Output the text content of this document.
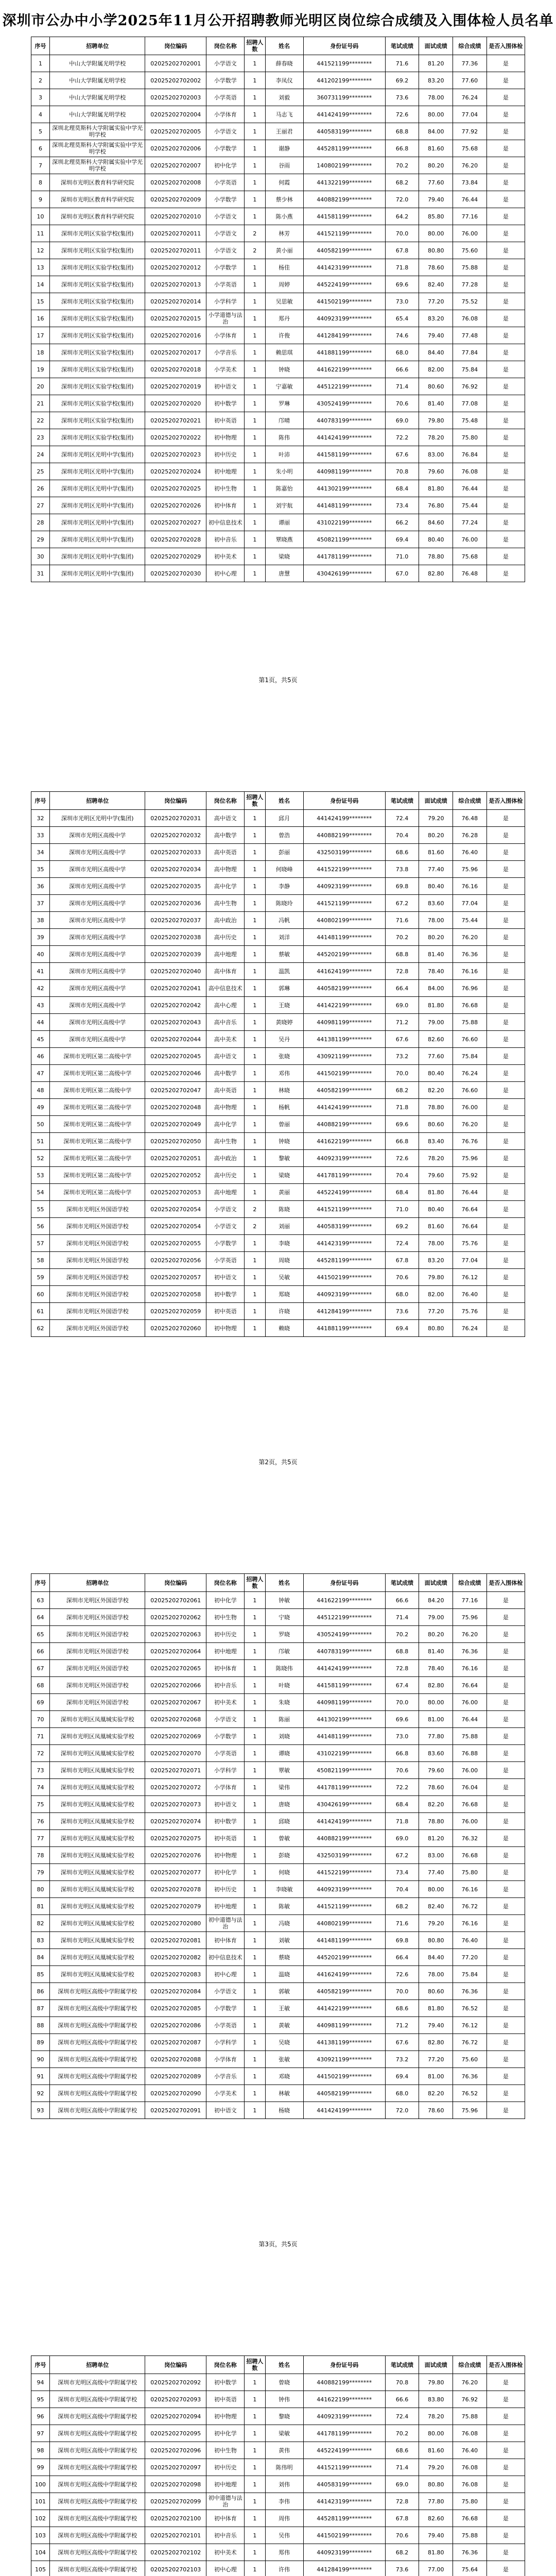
深圳市公办中小学2025年11月公开招聘教师光明区岗位综合成绩及入围体检人员名单
序号	招聘单位	岗位编码	岗位名称	招聘人数	姓名	身份证号码	笔试成绩	面试成绩	综合成绩	是否入围体检
1	中山大学附属光明学校	02025202702001	小学语文	1	薛春晓	441521199********	71.6	81.20	77.36	是
2	中山大学附属光明学校	02025202702002	小学数学	1	李凤仪	441202199********	69.2	83.20	77.60	是
3	中山大学附属光明学校	02025202702003	小学英语	1	刘毅	360731199********	73.6	78.00	76.24	是
4	中山大学附属光明学校	02025202702004	小学体育	1	马志飞	441424199********	72.6	80.00	77.04	是
5	深圳北理莫斯科大学附属实验中学光明学校	02025202702005	小学语文	1	王丽君	440583199********	68.8	84.00	77.92	是
6	深圳北理莫斯科大学附属实验中学光明学校	02025202702006	小学数学	1	谢静	445281199********	66.8	81.60	75.68	是
7	深圳北理莫斯科大学附属实验中学光明学校	02025202702007	初中化学	1	谷雨	140802199********	70.2	80.20	76.20	是
8	深圳市光明区教育科学研究院	02025202702008	小学英语	1	何霞	441322199********	68.2	77.60	73.84	是
9	深圳市光明区教育科学研究院	02025202702009	小学数学	1	蔡少林	440882199********	72.0	79.40	76.44	是
10	深圳市光明区教育科学研究院	02025202702010	小学语文	1	陈小燕	441581199********	64.2	85.80	77.16	是
11	深圳市光明区实验学校(集团)	02025202702011	小学语文	2	林芳	441521199********	70.0	80.00	76.00	是
12	深圳市光明区实验学校(集团)	02025202702011	小学语文	2	黄小丽	440582199********	67.8	80.80	75.60	是
13	深圳市光明区实验学校(集团)	02025202702012	小学数学	1	杨佳	441423199********	71.8	78.60	75.88	是
14	深圳市光明区实验学校(集团)	02025202702013	小学英语	1	周婷	445224199********	69.6	82.40	77.28	是
15	深圳市光明区实验学校(集团)	02025202702014	小学科学	1	吴思敏	441502199********	73.0	77.20	75.52	是
16	深圳市光明区实验学校(集团)	02025202702015	小学道德与法治	1	郑丹	440923199********	65.4	83.20	76.08	是
17	深圳市光明区实验学校(集团)	02025202702016	小学体育	1	许俊	441284199********	74.6	79.40	77.48	是
18	深圳市光明区实验学校(集团)	02025202702017	小学音乐	1	赖思琪	441881199********	68.0	84.40	77.84	是
19	深圳市光明区实验学校(集团)	02025202702018	小学美术	1	钟晓	441622199********	66.6	82.00	75.84	是
20	深圳市光明区实验学校(集团)	02025202702019	初中语文	1	宁嘉敏	445122199********	71.4	80.60	76.92	是
21	深圳市光明区实验学校(集团)	02025202702020	初中数学	1	罗琳	430524199********	70.6	81.40	77.08	是
22	深圳市光明区实验学校(集团)	02025202702021	初中英语	1	邝晴	440783199********	69.0	79.80	75.48	是
23	深圳市光明区实验学校(集团)	02025202702022	初中物理	1	陈伟	441424199********	72.2	78.20	75.80	是
24	深圳市光明区光明中学(集团)	02025202702023	初中历史	1	叶沛	441581199********	67.6	83.00	76.84	是
25	深圳市光明区光明中学(集团)	02025202702024	初中地理	1	朱小明	440981199********	70.8	79.60	76.08	是
26	深圳市光明区光明中学(集团)	02025202702025	初中生物	1	陈嘉怡	441302199********	68.4	81.80	76.44	是
27	深圳市光明区光明中学(集团)	02025202702026	初中体育	1	刘宇航	441481199********	73.4	76.80	75.44	是
28	深圳市光明区光明中学(集团)	02025202702027	初中信息技术	1	谭丽	431022199********	66.2	84.60	77.24	是
29	深圳市光明区光明中学(集团)	02025202702028	初中音乐	1	覃晓燕	450821199********	69.4	80.40	76.00	是
30	深圳市光明区光明中学(集团)	02025202702029	初中美术	1	梁晓	441781199********	71.0	78.80	75.68	是
31	深圳市光明区光明中学(集团)	02025202702030	初中心理	1	唐慧	430426199********	67.0	82.80	76.48	是
第1页，共5页
序号	招聘单位	岗位编码	岗位名称	招聘人数	姓名	身份证号码	笔试成绩	面试成绩	综合成绩	是否入围体检
32	深圳市光明区光明中学(集团)	02025202702031	高中语文	1	邱月	441424199********	72.4	79.20	76.48	是
33	深圳市光明区高级中学	02025202702032	高中数学	1	曾浩	440882199********	70.4	80.20	76.28	是
34	深圳市光明区高级中学	02025202702033	高中英语	1	彭丽	432503199********	68.6	81.60	76.40	是
35	深圳市光明区高级中学	02025202702034	高中物理	1	何晓峰	441522199********	73.8	77.40	75.96	是
36	深圳市光明区高级中学	02025202702035	高中化学	1	李静	440923199********	69.8	80.40	76.16	是
37	深圳市光明区高级中学	02025202702036	高中生物	1	陈晓玲	441521199********	67.2	83.60	77.04	是
38	深圳市光明区高级中学	02025202702037	高中政治	1	冯帆	440802199********	71.6	78.00	75.44	是
39	深圳市光明区高级中学	02025202702038	高中历史	1	刘洋	441481199********	70.2	80.20	76.20	是
40	深圳市光明区高级中学	02025202702039	高中地理	1	蔡敏	445202199********	68.8	81.40	76.36	是
41	深圳市光明区高级中学	02025202702040	高中体育	1	温凯	441624199********	72.8	78.40	76.16	是
42	深圳市光明区高级中学	02025202702041	高中信息技术	1	郭琳	440582199********	66.4	84.00	76.96	是
43	深圳市光明区高级中学	02025202702042	高中心理	1	王晓	441422199********	69.0	81.80	76.68	是
44	深圳市光明区高级中学	02025202702043	高中音乐	1	黄晓婷	440981199********	71.2	79.00	75.88	是
45	深圳市光明区高级中学	02025202702044	高中美术	1	吴丹	441381199********	67.6	82.60	76.60	是
46	深圳市光明区第二高级中学	02025202702045	高中语文	1	张晓	430921199********	73.2	77.60	75.84	是
47	深圳市光明区第二高级中学	02025202702046	高中数学	1	邓伟	441502199********	70.0	80.40	76.24	是
48	深圳市光明区第二高级中学	02025202702047	高中英语	1	林晓	440582199********	68.2	82.20	76.60	是
49	深圳市光明区第二高级中学	02025202702048	高中物理	1	杨帆	441424199********	71.8	78.80	76.00	是
50	深圳市光明区第二高级中学	02025202702049	高中化学	1	曾丽	440882199********	69.6	80.60	76.20	是
51	深圳市光明区第二高级中学	02025202702050	高中生物	1	钟晓	441622199********	66.8	83.40	76.76	是
52	深圳市光明区第二高级中学	02025202702051	高中政治	1	黎敏	440923199********	72.6	78.20	75.96	是
53	深圳市光明区第二高级中学	02025202702052	高中历史	1	梁晓	441781199********	70.4	79.60	75.92	是
54	深圳市光明区第二高级中学	02025202702053	高中地理	1	黄丽	445224199********	68.4	81.80	76.44	是
55	深圳市光明区外国语学校	02025202702054	小学语文	2	陈晓	441521199********	71.0	80.40	76.64	是
56	深圳市光明区外国语学校	02025202702054	小学语文	2	刘丽	440583199********	69.2	81.60	76.64	是
57	深圳市光明区外国语学校	02025202702055	小学数学	1	李晓	441423199********	72.4	78.00	75.76	是
58	深圳市光明区外国语学校	02025202702056	小学英语	1	周晓	445281199********	67.8	83.20	77.04	是
59	深圳市光明区外国语学校	02025202702057	初中语文	1	吴敏	441502199********	70.6	79.80	76.12	是
60	深圳市光明区外国语学校	02025202702058	初中数学	1	郑晓	440923199********	68.0	82.00	76.40	是
61	深圳市光明区外国语学校	02025202702059	初中英语	1	许晓	441284199********	73.6	77.20	75.76	是
62	深圳市光明区外国语学校	02025202702060	初中物理	1	赖晓	441881199********	69.4	80.80	76.24	是
第2页，共5页
序号	招聘单位	岗位编码	岗位名称	招聘人数	姓名	身份证号码	笔试成绩	面试成绩	综合成绩	是否入围体检
63	深圳市光明区外国语学校	02025202702061	初中化学	1	钟敏	441622199********	66.6	84.20	77.16	是
64	深圳市光明区外国语学校	02025202702062	初中生物	1	宁晓	445122199********	71.4	79.00	75.96	是
65	深圳市光明区外国语学校	02025202702063	初中历史	1	罗晓	430524199********	70.2	80.20	76.20	是
66	深圳市光明区外国语学校	02025202702064	初中地理	1	邝敏	440783199********	68.8	81.40	76.36	是
67	深圳市光明区外国语学校	02025202702065	初中体育	1	陈晓伟	441424199********	72.8	78.40	76.16	是
68	深圳市光明区外国语学校	02025202702066	初中音乐	1	叶晓	441581199********	67.4	82.80	76.64	是
69	深圳市光明区外国语学校	02025202702067	初中美术	1	朱晓	440981199********	70.0	80.00	76.00	是
70	深圳市光明区凤凰城实验学校	02025202702068	小学语文	1	陈丽	441302199********	69.6	81.00	76.44	是
71	深圳市光明区凤凰城实验学校	02025202702069	小学数学	1	刘晓	441481199********	73.0	77.80	75.88	是
72	深圳市光明区凤凰城实验学校	02025202702070	小学英语	1	谭晓	431022199********	66.8	83.60	76.88	是
73	深圳市光明区凤凰城实验学校	02025202702071	小学科学	1	覃敏	450821199********	70.6	79.60	76.00	是
74	深圳市光明区凤凰城实验学校	02025202702072	小学体育	1	梁伟	441781199********	72.2	78.60	76.04	是
75	深圳市光明区凤凰城实验学校	02025202702073	初中语文	1	唐晓	430426199********	68.4	82.20	76.68	是
76	深圳市光明区凤凰城实验学校	02025202702074	初中数学	1	邱晓	441424199********	71.8	78.80	76.00	是
77	深圳市光明区凤凰城实验学校	02025202702075	初中英语	1	曾敏	440882199********	69.0	81.20	76.32	是
78	深圳市光明区凤凰城实验学校	02025202702076	初中物理	1	彭晓	432503199********	67.2	83.00	76.68	是
79	深圳市光明区凤凰城实验学校	02025202702077	初中化学	1	何晓	441522199********	73.4	77.40	75.80	是
80	深圳市光明区凤凰城实验学校	02025202702078	初中历史	1	李晓敏	440923199********	70.4	80.00	76.16	是
81	深圳市光明区凤凰城实验学校	02025202702079	初中地理	1	陈敏	441521199********	68.2	82.40	76.72	是
82	深圳市光明区凤凰城实验学校	02025202702080	初中道德与法治	1	冯晓	440802199********	71.6	79.20	76.16	是
83	深圳市光明区凤凰城实验学校	02025202702081	初中体育	1	刘敏	441481199********	69.8	80.80	76.40	是
84	深圳市光明区凤凰城实验学校	02025202702082	初中信息技术	1	蔡晓	445202199********	66.4	84.40	77.20	是
85	深圳市光明区凤凰城实验学校	02025202702083	初中心理	1	温晓	441624199********	72.6	78.00	75.84	是
86	深圳市光明区高级中学附属学校	02025202702084	小学语文	1	郭敏	440582199********	70.0	80.60	76.36	是
87	深圳市光明区高级中学附属学校	02025202702085	小学数学	1	王敏	441422199********	68.6	81.80	76.52	是
88	深圳市光明区高级中学附属学校	02025202702086	小学英语	1	黄敏	440981199********	71.2	79.40	76.12	是
89	深圳市光明区高级中学附属学校	02025202702087	小学科学	1	吴晓	441381199********	67.6	82.80	76.72	是
90	深圳市光明区高级中学附属学校	02025202702088	小学体育	1	张敏	430921199********	73.2	77.20	75.60	是
91	深圳市光明区高级中学附属学校	02025202702089	小学音乐	1	邓晓	441502199********	69.4	81.00	76.36	是
92	深圳市光明区高级中学附属学校	02025202702090	小学美术	1	林敏	440582199********	68.0	82.20	76.52	是
93	深圳市光明区高级中学附属学校	02025202702091	初中语文	1	杨晓	441424199********	72.0	78.60	75.96	是
第3页，共5页
序号	招聘单位	岗位编码	岗位名称	招聘人数	姓名	身份证号码	笔试成绩	面试成绩	综合成绩	是否入围体检
94	深圳市光明区高级中学附属学校	02025202702092	初中数学	1	曾晓	440882199********	70.8	79.80	76.20	是
95	深圳市光明区高级中学附属学校	02025202702093	初中英语	1	钟伟	441622199********	66.6	83.80	76.92	是
96	深圳市光明区高级中学附属学校	02025202702094	初中物理	1	黎晓	440923199********	72.4	78.20	75.88	是
97	深圳市光明区高级中学附属学校	02025202702095	初中化学	1	梁敏	441781199********	70.2	80.00	76.08	是
98	深圳市光明区高级中学附属学校	02025202702096	初中生物	1	黄伟	445224199********	68.6	81.60	76.40	是
99	深圳市光明区高级中学附属学校	02025202702097	初中历史	1	陈伟明	441521199********	71.4	79.20	76.08	是
100	深圳市光明区高级中学附属学校	02025202702098	初中地理	1	刘伟	440583199********	69.0	80.80	76.08	是
101	深圳市光明区高级中学附属学校	02025202702099	初中道德与法治	1	李伟	441423199********	72.8	77.80	75.80	是
102	深圳市光明区高级中学附属学校	02025202702100	初中体育	1	周伟	445281199********	67.8	82.60	76.68	是
103	深圳市光明区高级中学附属学校	02025202702101	初中音乐	1	吴伟	441502199********	70.6	79.40	75.88	是
104	深圳市光明区高级中学附属学校	02025202702102	初中美术	1	郑伟	440923199********	68.2	81.80	76.36	是
105	深圳市光明区高级中学附属学校	02025202702103	初中心理	1	许伟	441284199********	73.6	77.00	75.64	是
